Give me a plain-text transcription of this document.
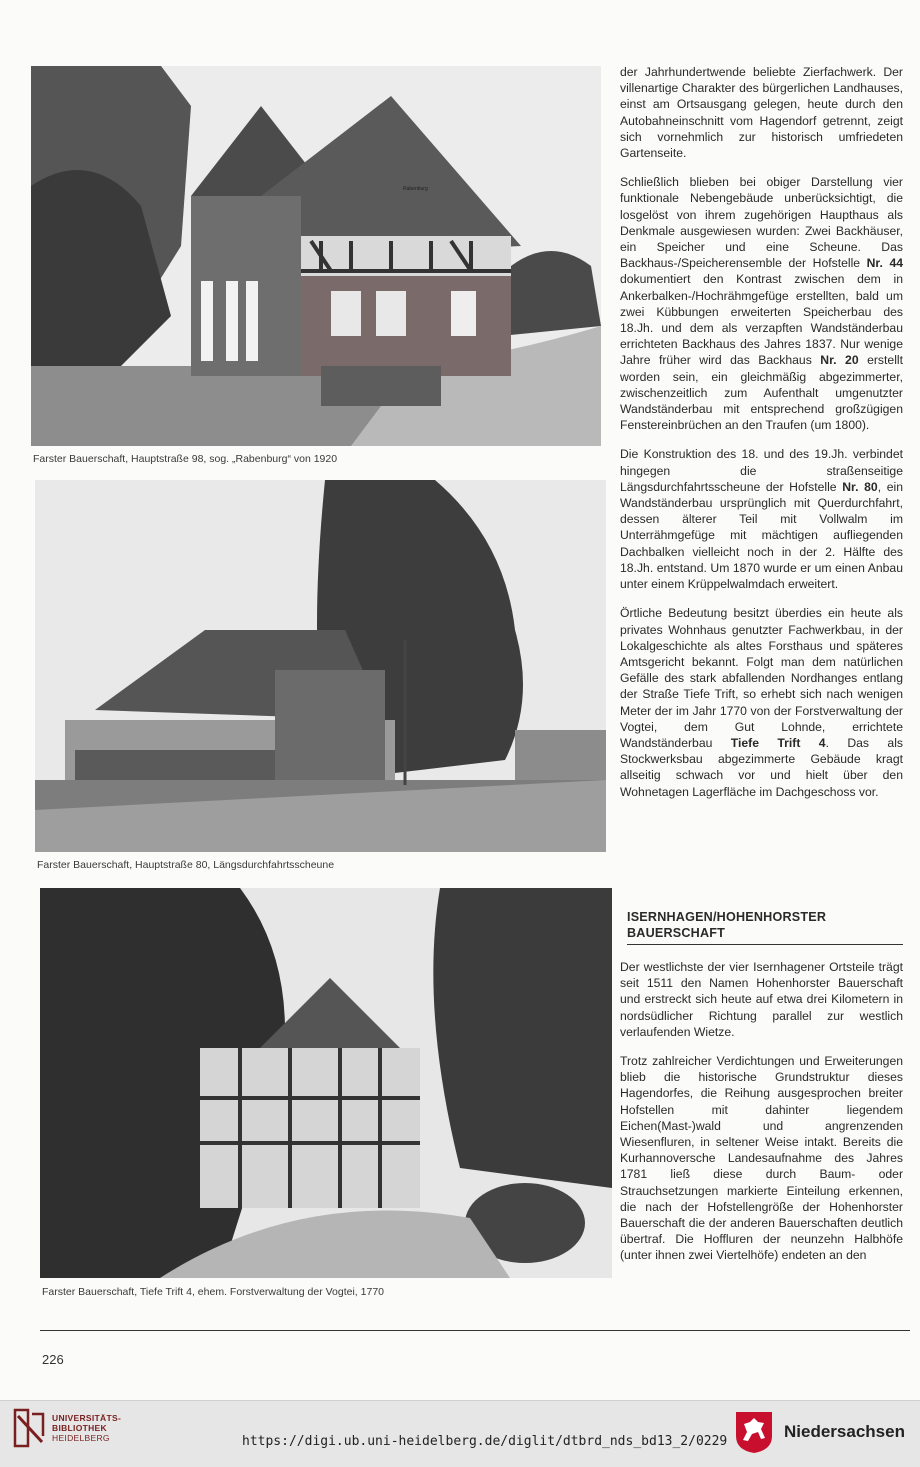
Rabenburg
Farster Bauerschaft, Hauptstraße 98, sog. „Rabenburg“ von 1920
Farster Bauerschaft, Hauptstraße 80, Längsdurchfahrtsscheune
Farster Bauerschaft, Tiefe Trift 4, ehem. Forstverwaltung der Vogtei, 1770

der Jahrhundertwende beliebte Zierfachwerk. Der villenartige Charakter des bürgerlichen Landhauses, einst am Ortsausgang gelegen, heute durch den Autobahneinschnitt vom Hagendorf getrennt, zeigt sich vornehmlich zur historisch umfriedeten Gartenseite.

Schließlich blieben bei obiger Darstellung vier funktionale Nebengebäude unberücksichtigt, die losgelöst von ihrem zugehörigen Haupthaus als Denkmale ausgewiesen wurden: Zwei Backhäuser, ein Speicher und eine Scheune. Das Backhaus-/Speicherensemble der Hofstelle Nr. 44 dokumentiert den Kontrast zwischen dem in Ankerbalken-/Hochrähmgefüge erstellten, bald um zwei Kübbungen erweiterten Speicherbau des 18.Jh. und dem als verzapften Wandständerbau errichteten Backhaus des Jahres 1837. Nur wenige Jahre früher wird das Backhaus Nr. 20 erstellt worden sein, ein gleichmäßig abgezimmerter, zwischenzeitlich zum Aufenthalt umgenutzter Wandständerbau mit entsprechend großzügigen Fenstereinbrüchen an den Traufen (um 1800).

Die Konstruktion des 18. und des 19.Jh. verbindet hingegen die straßenseitige Längsdurchfahrtsscheune der Hofstelle Nr. 80, ein Wandständerbau ursprünglich mit Querdurchfahrt, dessen älterer Teil mit Vollwalm im Unterrähmgefüge mit mächtigen aufliegenden Dachbalken vielleicht noch in der 2. Hälfte des 18.Jh. entstand. Um 1870 wurde er um einen Anbau unter einem Krüppelwalmdach erweitert.

Örtliche Bedeutung besitzt überdies ein heute als privates Wohnhaus genutzter Fachwerkbau, in der Lokalgeschichte als altes Forsthaus und späteres Amtsgericht bekannt. Folgt man dem natürlichen Gefälle des stark abfallenden Nordhanges entlang der Straße Tiefe Trift, so erhebt sich nach wenigen Meter der im Jahr 1770 von der Forstverwaltung der Vogtei, dem Gut Lohnde, errichtete Wandständerbau Tiefe Trift 4. Das als Stockwerksbau abgezimmerte Gebäude kragt allseitig schwach vor und hielt über den Wohnetagen Lagerfläche im Dachgeschoss vor.

ISERNHAGEN/HOHENHORSTER BAUERSCHAFT

Der westlichste der vier Isernhagener Ortsteile trägt seit 1511 den Namen Hohenhorster Bauerschaft und erstreckt sich heute auf etwa drei Kilometern in nordsüdlicher Richtung parallel zur westlich verlaufenden Wietze.

Trotz zahlreicher Verdichtungen und Erweiterungen blieb die historische Grundstruktur dieses Hagendorfes, die Reihung ausgesprochen breiter Hofstellen mit dahinter liegendem Eichen(Mast-)wald und angrenzenden Wiesenfluren, in seltener Weise intakt. Bereits die Kurhannoversche Landesaufnahme des Jahres 1781 ließ diese durch Baum- oder Strauchsetzungen markierte Einteilung erkennen, die nach der Hofstellengröße der Hohenhorster Bauerschaft die der anderen Bauerschaften deutlich übertraf. Die Hoffluren der neunzehn Halbhöfe (unter ihnen zwei Viertelhöfe) endeten an den

226
UNIVERSITÄTS-
BIBLIOTHEK
HEIDELBERG	https://digi.ub.uni-heidelberg.de/diglit/dtbrd_nds_bd13_2/0229
Niedersachsen
